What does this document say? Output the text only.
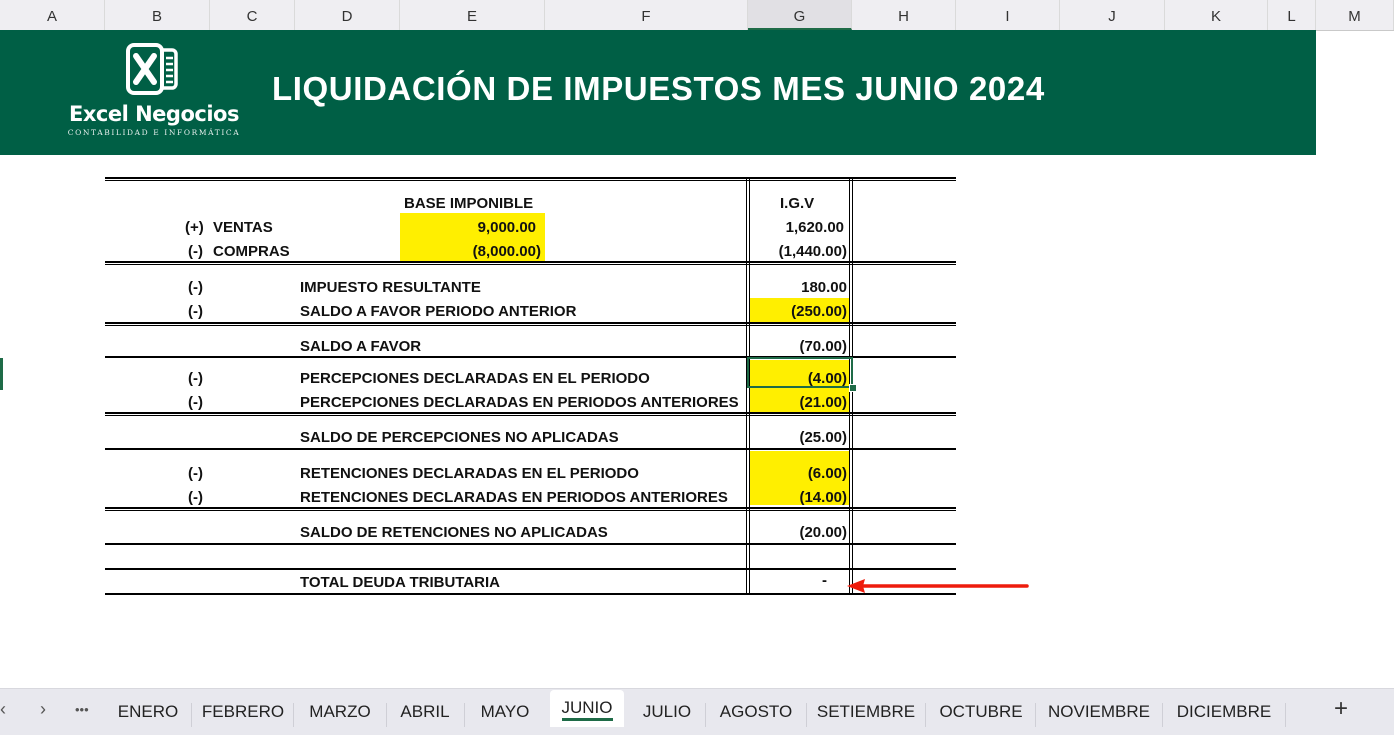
A	B	C	D	E	F	G	H	I	J	K	L	M
Excel Negocios
CONTABILIDAD E INFORMÁTICA
LIQUIDACIÓN DE IMPUESTOS MES JUNIO 2024
BASE IMPONIBLE	I.G.V
(+) VENTAS	9,000.00	1,620.00
(-) COMPRAS	(8,000.00)	(1,440.00)
(-)	IMPUESTO RESULTANTE	180.00
(-)	SALDO A FAVOR PERIODO ANTERIOR	(250.00)
SALDO A FAVOR	(70.00)
(-)	PERCEPCIONES DECLARADAS EN EL PERIODO	(4.00)
(-)	PERCEPCIONES DECLARADAS EN PERIODOS ANTERIORES	(21.00)
SALDO DE PERCEPCIONES NO APLICADAS	(25.00)
(-)	RETENCIONES DECLARADAS EN EL PERIODO	(6.00)
(-)	RETENCIONES DECLARADAS EN PERIODOS ANTERIORES	(14.00)
SALDO DE RETENCIONES NO APLICADAS	(20.00)
TOTAL DEUDA TRIBUTARIA	-
‹ › •••	ENERO	FEBRERO	MARZO	ABRIL	MAYO	JUNIO	JULIO	AGOSTO	SETIEMBRE	OCTUBRE	NOVIEMBRE	DICIEMBRE	+
